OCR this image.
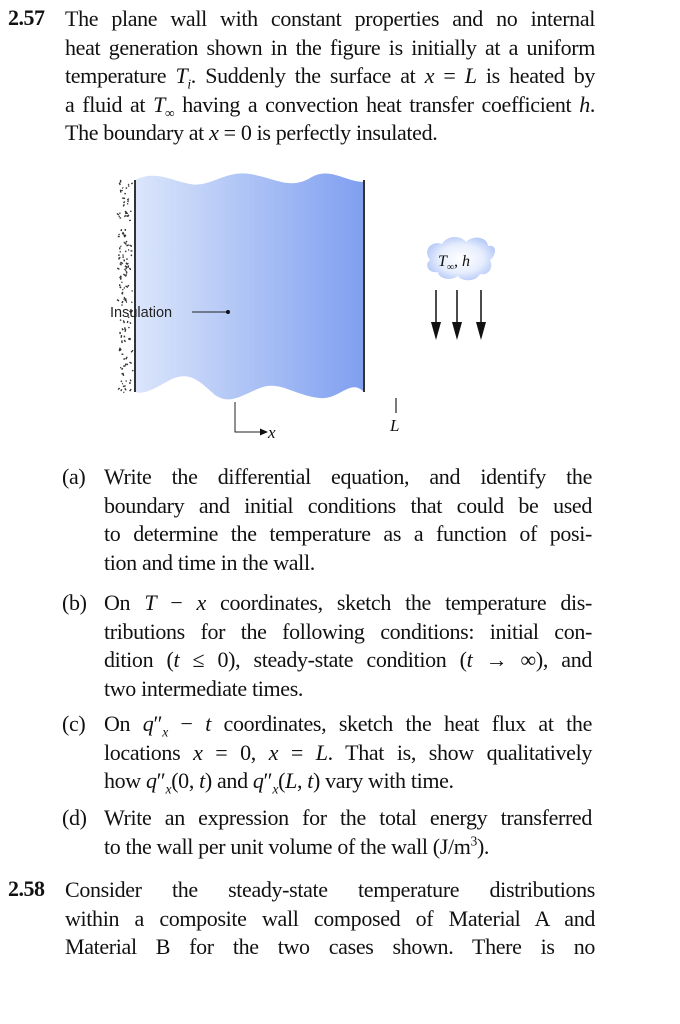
2.57 The plane wall with constant properties and no internal
heat generation shown in the figure is initially at a uniform
temperature $T_i$. Suddenly the surface at x = L is heated by
a fluid at $T_\infty$ having a convection heat transfer coefficient h.
The boundary at x = 0 is perfectly insulated.
Insulation
x	L
$T_\infty$, h
(a) Write the differential equation, and identify the
boundary and initial conditions that could be used
to determine the temperature as a function of posi-
tion and time in the wall.
(b) On T − x coordinates, sketch the temperature dis-
tributions for the following conditions: initial con-
dition (t ≤ 0), steady-state condition (t → ∞), and
two intermediate times.
(c) On $q''_x - t$ coordinates, sketch the heat flux at the
locations x = 0, x = L. That is, show qualitatively
how $q''_x(0$, t) and $q''_x(L$, t) vary with time.
(d) Write an expression for the total energy transferred
to the wall per unit volume of the wall $(J/m^3)$.
2.58 Consider the steady-state temperature distributions
within a composite wall composed of Material A and
Material B for the two cases shown. There is no
